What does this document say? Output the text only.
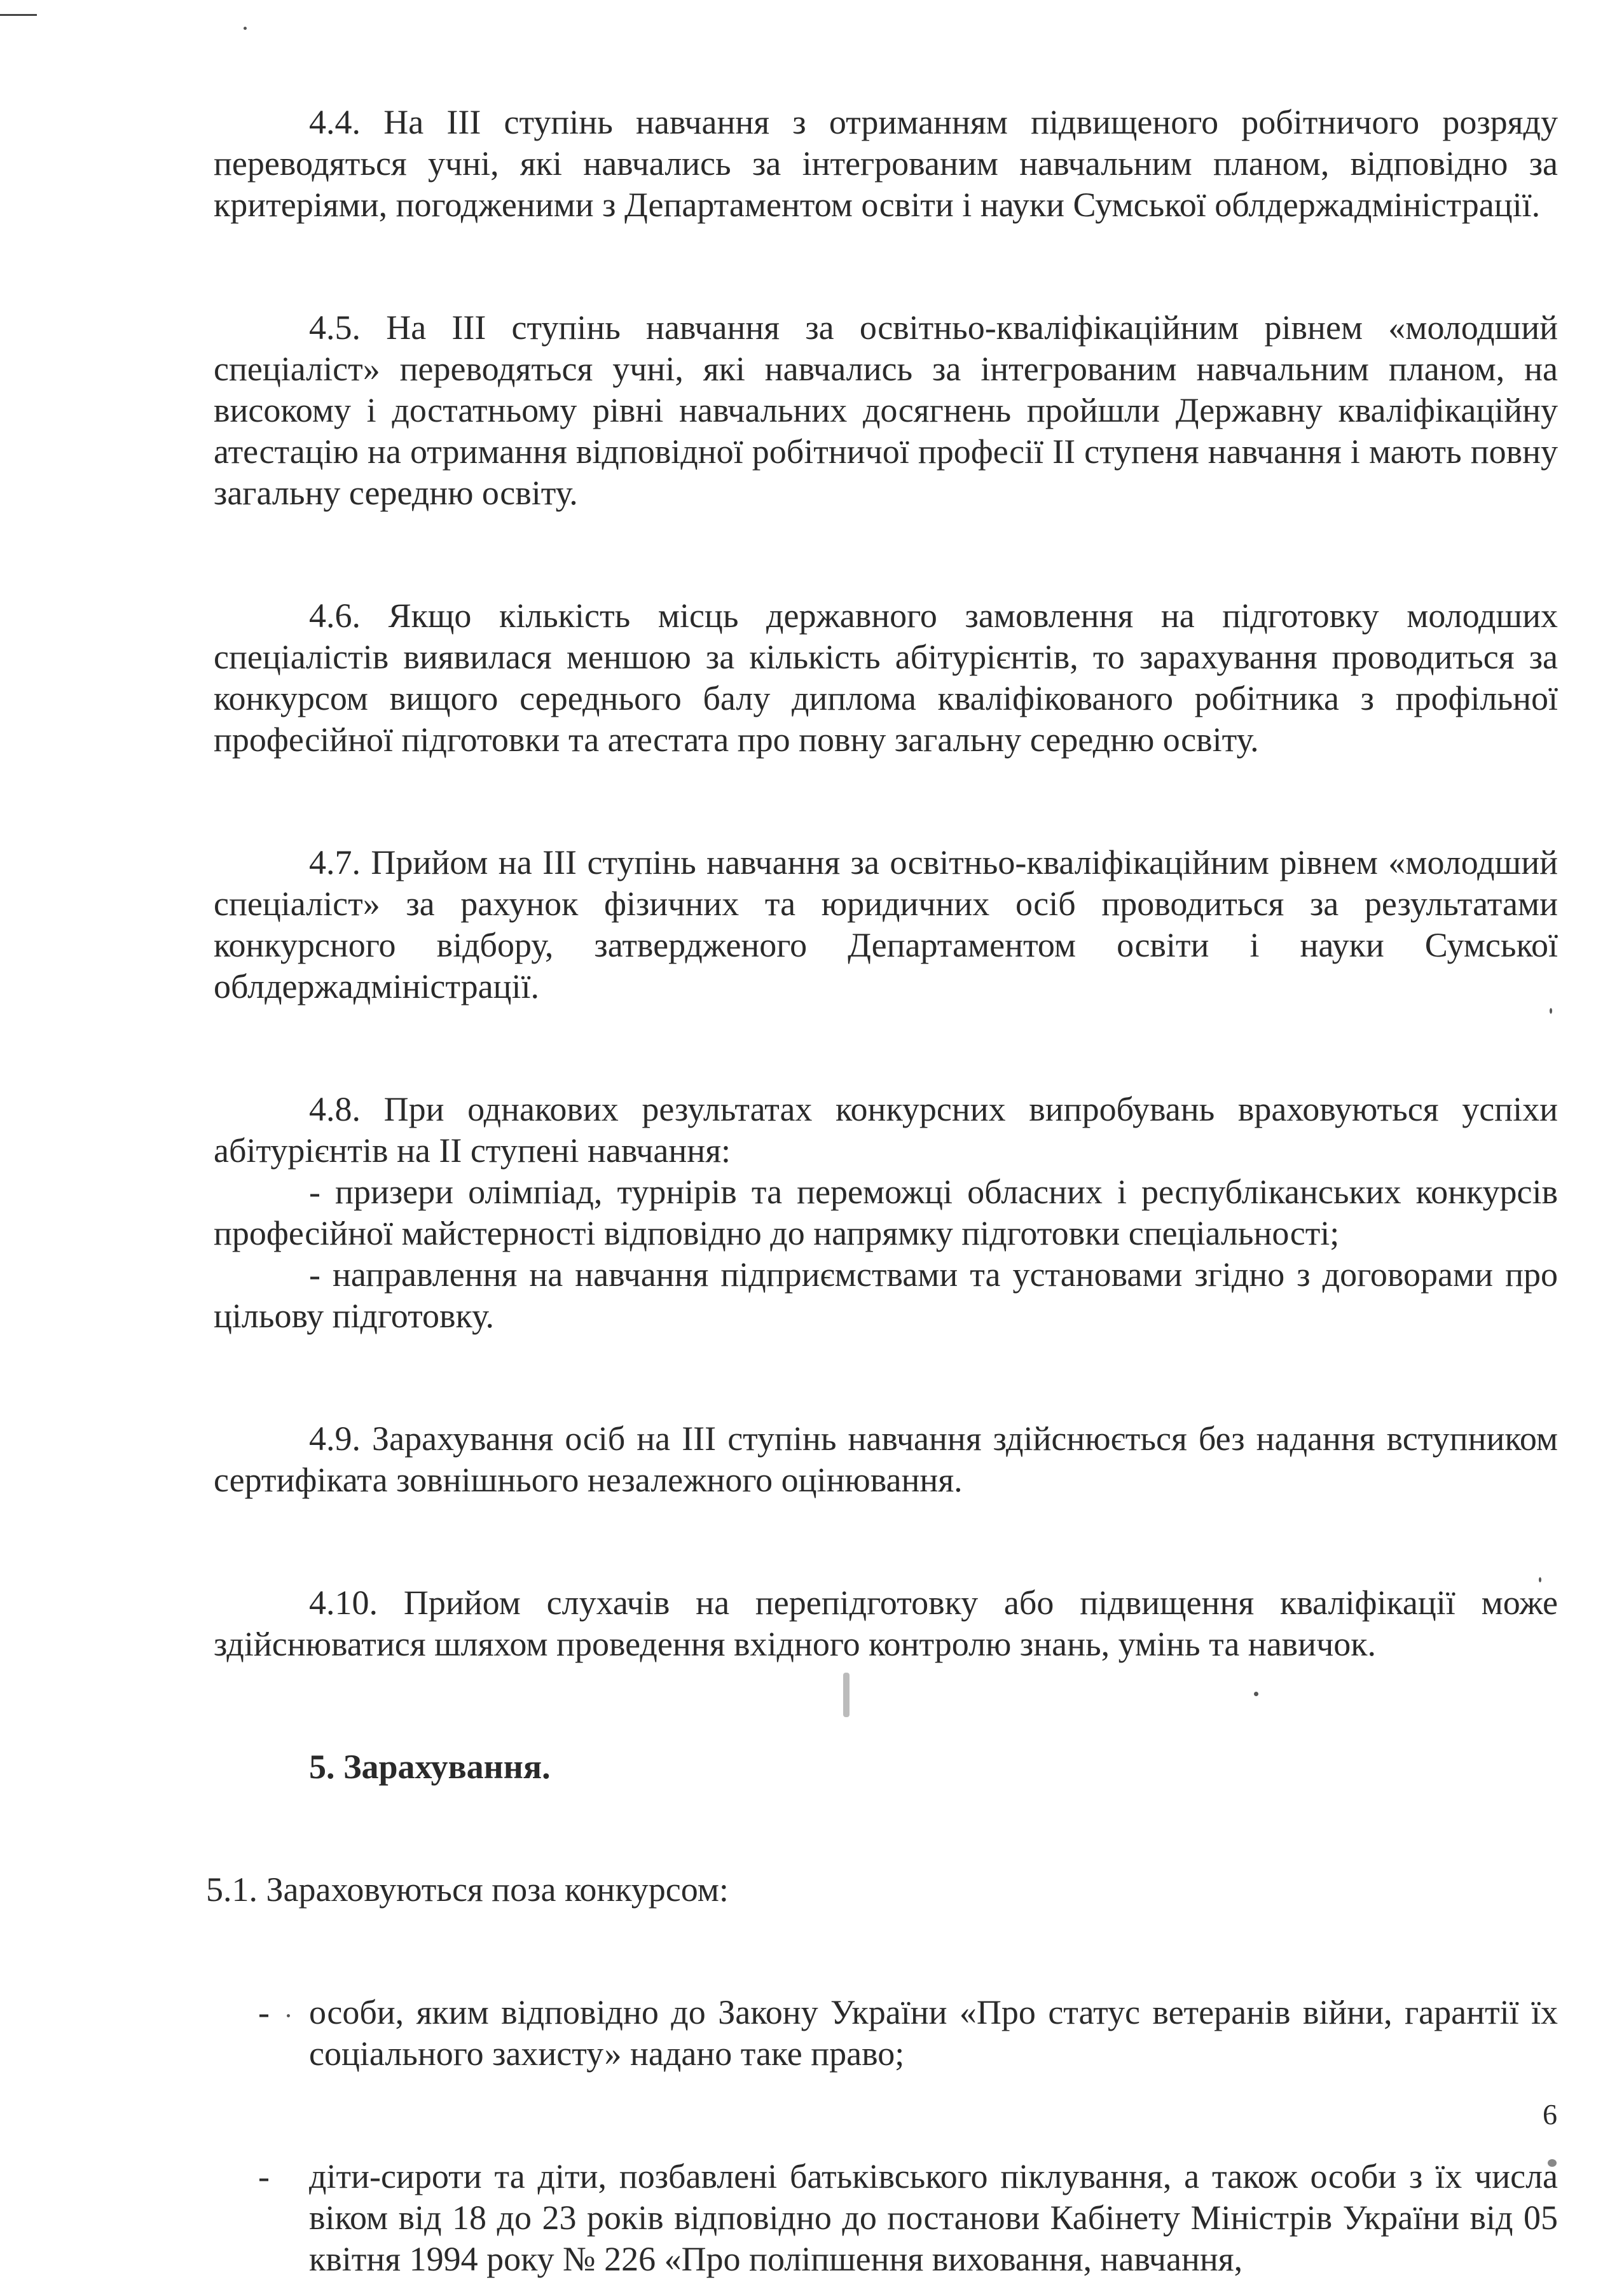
4.4. На ІІІ ступінь навчання з отриманням підвищеного робітничого розряду переводяться учні, які навчались за інтегрованим навчальним планом, відповідно за критеріями, погодженими з Департаментом освіти і науки Сумської облдержадміністрації.

4.5. На ІІІ ступінь навчання за освітньо-кваліфікаційним рівнем «молодший спеціаліст» переводяться учні, які навчались за інтегрованим навчальним планом, на високому і достатньому рівні навчальних досягнень пройшли Державну кваліфікаційну атестацію на отримання відповідної робітничої професії ІІ ступеня навчання і мають повну загальну середню освіту.

4.6. Якщо кількість місць державного замовлення на підготовку молодших спеціалістів виявилася меншою за кількість абітурієнтів, то зарахування проводиться за конкурсом вищого середнього балу диплома кваліфікованого робітника з профільної професійної підготовки та атестата про повну загальну середню освіту.

4.7. Прийом на ІІІ ступінь навчання за освітньо-кваліфікаційним рівнем «молодший спеціаліст» за рахунок фізичних та юридичних осіб проводиться за результатами конкурсного відбору, затвердженого Департаментом освіти і науки Сумської облдержадміністрації.

4.8. При однакових результатах конкурсних випробувань враховуються успіхи абітурієнтів на ІІ ступені навчання:

- призери олімпіад, турнірів та переможці обласних і республіканських конкурсів професійної майстерності відповідно до напрямку підготовки спеціальності;

- направлення на навчання підприємствами та установами згідно з договорами про цільову підготовку.

4.9. Зарахування осіб на ІІІ ступінь навчання здійснюється без надання вступником сертифіката зовнішнього незалежного оцінювання.

4.10. Прийом слухачів на перепідготовку або підвищення кваліфікації може здійснюватися шляхом проведення вхідного контролю знань, умінь та навичок.

5. Зарахування.

5.1. Зараховуються поза конкурсом:

- особи, яким відповідно до Закону України «Про статус ветеранів війни, гарантії їх соціального захисту» надано таке право;
- діти-сироти та діти, позбавлені батьківського піклування, а також особи з їх числа віком від 18 до 23 років відповідно до постанови Кабінету Міністрів України від 05 квітня 1994 року № 226 «Про поліпшення виховання, навчання,
6
